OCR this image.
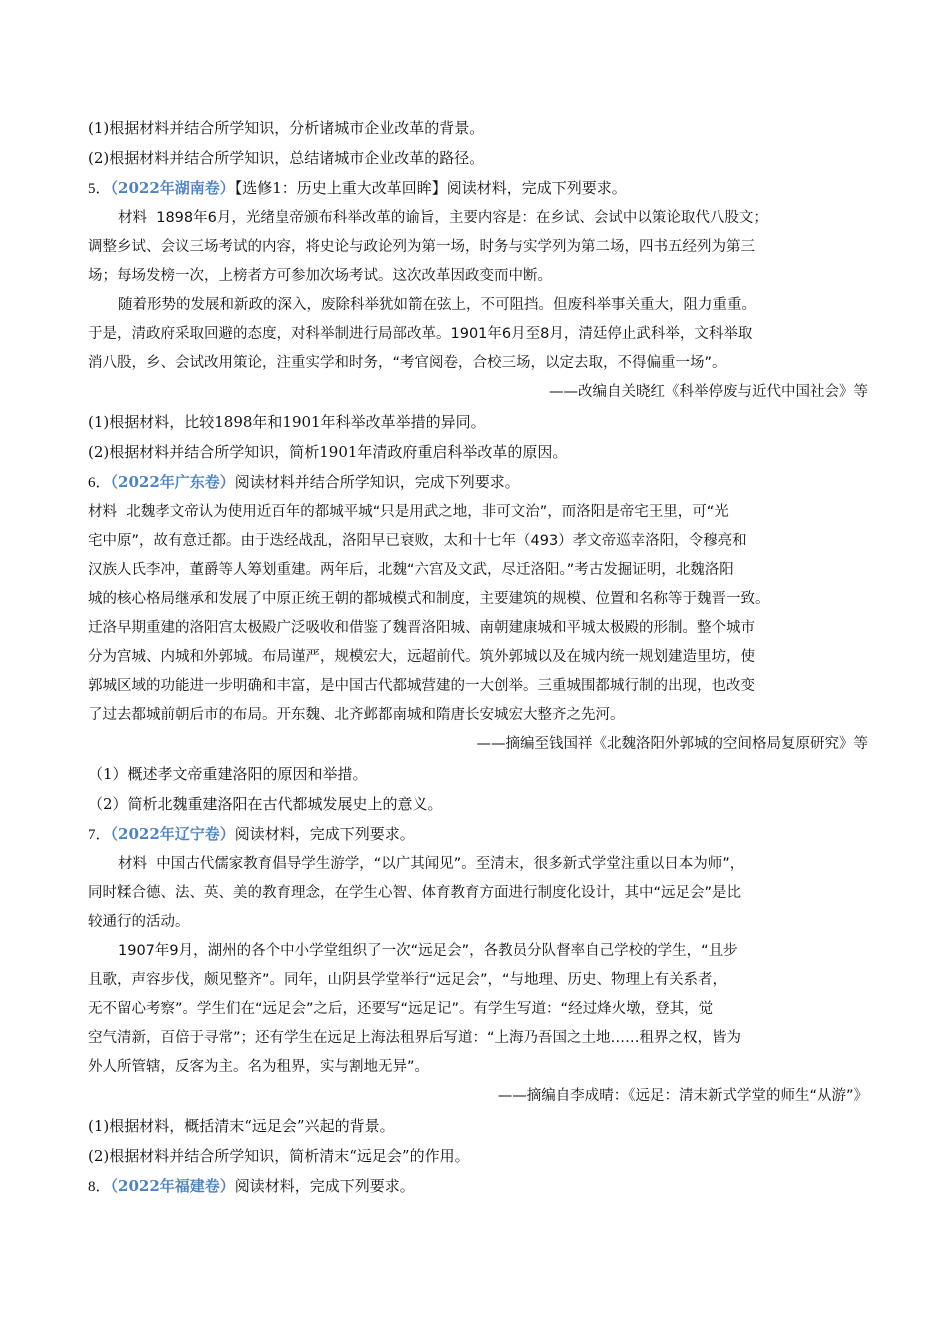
(1)根据材料并结合所学知识，分析诸城市企业改革的背景。
(2)根据材料并结合所学知识，总结诸城市企业改革的路径。
5．（2022年湖南卷）【选修1：历史上重大改革回眸】阅读材料，完成下列要求。
材料  1898年6月，光绪皇帝颁布科举改革的谕旨，主要内容是：在乡试、会试中以策论取代八股文；
调整乡试、会议三场考试的内容，将史论与政论列为第一场，时务与实学列为第二场，四书五经列为第三
场；每场发榜一次，上榜者方可参加次场考试。这次改革因政变而中断。
随着形势的发展和新政的深入，废除科举犹如箭在弦上，不可阻挡。但废科举事关重大，阻力重重。
于是，清政府采取回避的态度，对科举制进行局部改革。1901年6月至8月，清廷停止武科举，文科举取
消八股，乡、会试改用策论，注重实学和时务，“考官阅卷，合校三场，以定去取，不得偏重一场”。
——改编自关晓红《科举停废与近代中国社会》等
(1)根据材料，比较1898年和1901年科举改革举措的异同。
(2)根据材料并结合所学知识，简析1901年清政府重启科举改革的原因。
6．（2022年广东卷）阅读材料并结合所学知识，完成下列要求。
材料  北魏孝文帝认为使用近百年的都城平城“只是用武之地，非可文治”，而洛阳是帝宅王里，可“光
宅中原”，故有意迁都。由于迭经战乱，洛阳早已衰败，太和十七年（493）孝文帝巡幸洛阳，令穆亮和
汉族人氏李冲，董爵等人筹划重建。两年后，北魏“六宫及文武，尽迁洛阳。”考古发掘证明，北魏洛阳
城的核心格局继承和发展了中原正统王朝的都城模式和制度，主要建筑的规模、位置和名称等于魏晋一致。
迁洛早期重建的洛阳宫太极殿广泛吸收和借鉴了魏晋洛阳城、南朝建康城和平城太极殿的形制。整个城市
分为宫城、内城和外郭城。布局谨严，规模宏大，远超前代。筑外郭城以及在城内统一规划建造里坊，使
郭城区域的功能进一步明确和丰富，是中国古代都城营建的一大创举。三重城围都城行制的出现，也改变
了过去都城前朝后市的布局。开东魏、北齐邺都南城和隋唐长安城宏大整齐之先河。
——摘编至钱国祥《北魏洛阳外郭城的空间格局复原研究》等
（1）概述孝文帝重建洛阳的原因和举措。
（2）简析北魏重建洛阳在古代都城发展史上的意义。
7．（2022年辽宁卷）阅读材料，完成下列要求。
材料  中国古代儒家教育倡导学生游学，“以广其闻见”。至清末，很多新式学堂注重以日本为师”，
同时糅合德、法、英、美的教育理念，在学生心智、体育教育方面进行制度化设计，其中“远足会”是比
较通行的活动。
1907年9月，湖州的各个中小学堂组织了一次“远足会”，各教员分队督率自己学校的学生，“且步
且歌，声容步伐，颇见整齐”。同年，山阴县学堂举行“远足会”，“与地理、历史、物理上有关系者，
无不留心考察”。学生们在“远足会”之后，还要写“远足记”。有学生写道：“经过烽火墩，登其，觉
空气清新，百倍于寻常”；还有学生在远足上海法租界后写道：“上海乃吾国之土地……租界之权，皆为
外人所管辖，反客为主。名为租界，实与割地无异”。
——摘编自李成晴：《远足：清末新式学堂的师生“从游”》
(1)根据材料，概括清末“远足会”兴起的背景。
(2)根据材料并结合所学知识，简析清末“远足会”的作用。
8．（2022年福建卷）阅读材料，完成下列要求。
